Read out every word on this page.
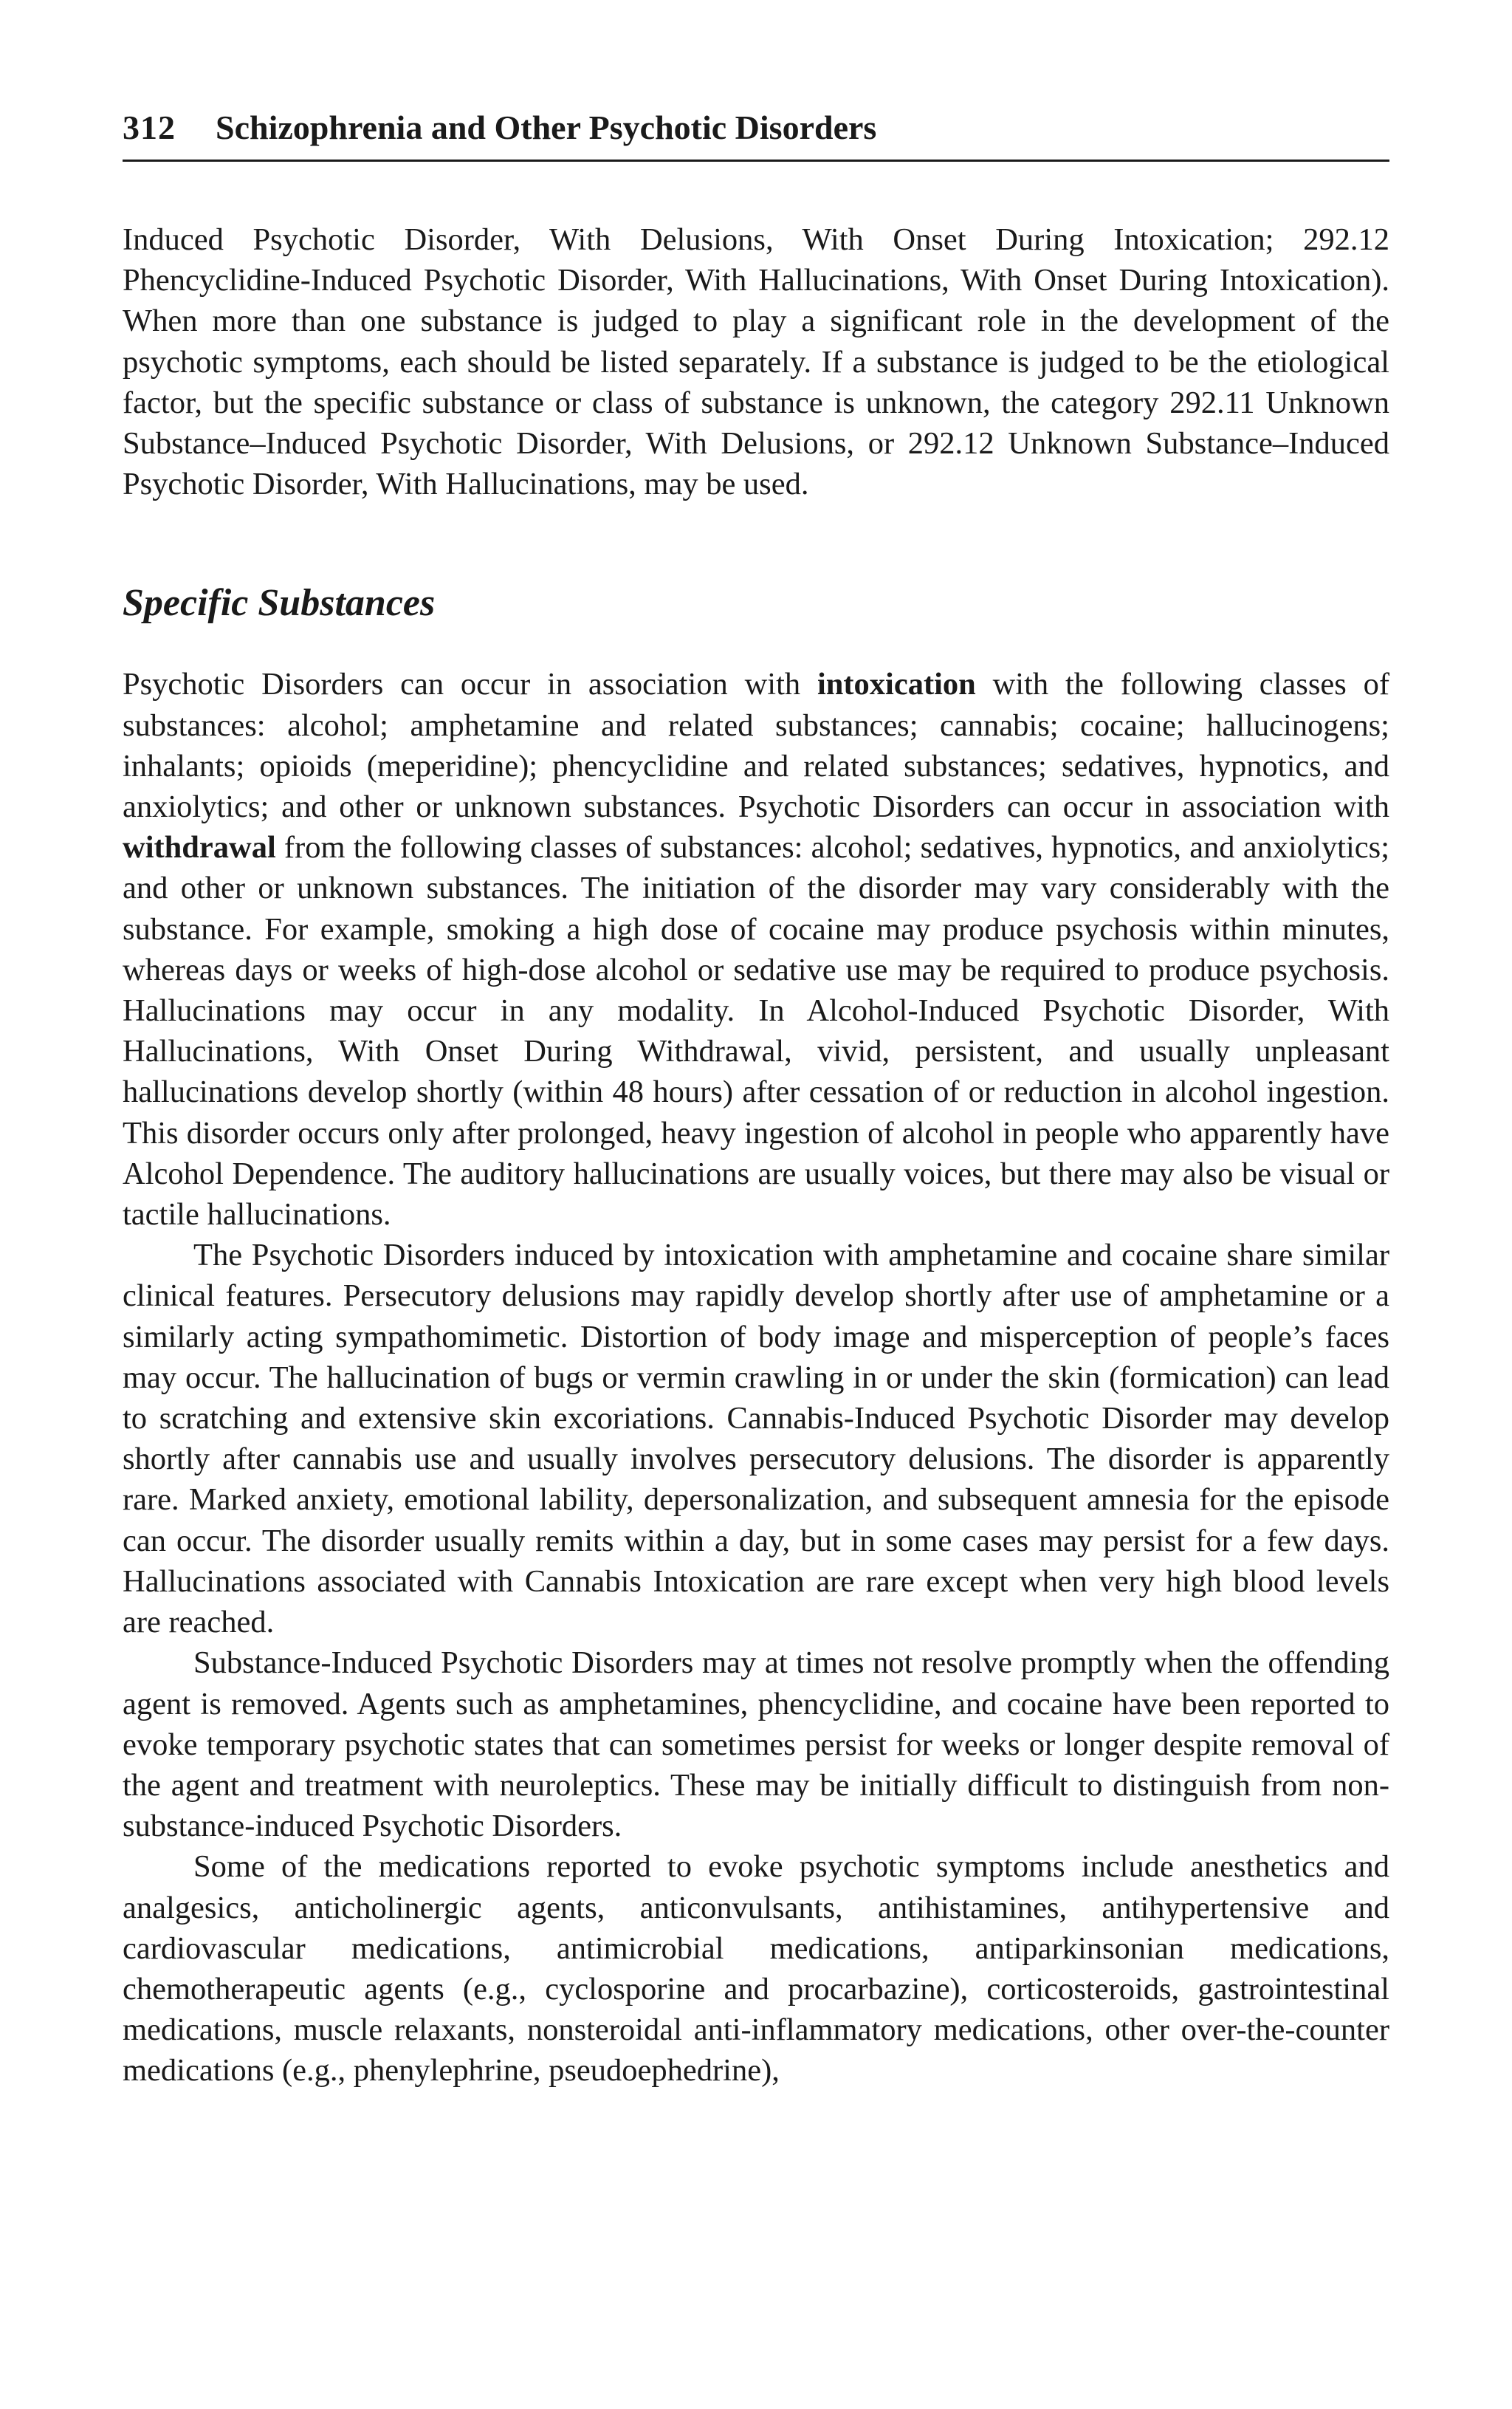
312 Schizophrenia and Other Psychotic Disorders

Induced Psychotic Disorder, With Delusions, With Onset During Intoxication; 292.12 Phencyclidine-Induced Psychotic Disorder, With Hallucinations, With Onset During Intoxication). When more than one substance is judged to play a significant role in the development of the psychotic symptoms, each should be listed separately. If a substance is judged to be the etiological factor, but the specific substance or class of substance is unknown, the category 292.11 Unknown Substance–Induced Psychotic Disorder, With Delusions, or 292.12 Unknown Substance–Induced Psychotic Disorder, With Hallucinations, may be used.

Specific Substances

Psychotic Disorders can occur in association with intoxication with the following classes of substances: alcohol; amphetamine and related substances; cannabis; cocaine; hallucinogens; inhalants; opioids (meperidine); phencyclidine and related substances; sedatives, hypnotics, and anxiolytics; and other or unknown substances. Psychotic Disorders can occur in association with withdrawal from the following classes of substances: alcohol; sedatives, hypnotics, and anxiolytics; and other or unknown substances. The initiation of the disorder may vary considerably with the substance. For example, smoking a high dose of cocaine may produce psychosis within minutes, whereas days or weeks of high-dose alcohol or sedative use may be required to produce psychosis. Hallucinations may occur in any modality. In Alcohol-Induced Psychotic Disorder, With Hallucinations, With Onset During Withdrawal, vivid, persistent, and usually unpleasant hallucinations develop shortly (within 48 hours) after cessation of or reduction in alcohol ingestion. This disorder occurs only after prolonged, heavy ingestion of alcohol in people who apparently have Alcohol Dependence. The auditory hallucinations are usually voices, but there may also be visual or tactile hallucinations.

The Psychotic Disorders induced by intoxication with amphetamine and cocaine share similar clinical features. Persecutory delusions may rapidly develop shortly after use of amphetamine or a similarly acting sympathomimetic. Distortion of body image and misperception of people’s faces may occur. The hallucination of bugs or vermin crawling in or under the skin (formication) can lead to scratching and extensive skin excoriations. Cannabis-Induced Psychotic Disorder may develop shortly after cannabis use and usually involves persecutory delusions. The disorder is apparently rare. Marked anxiety, emotional lability, depersonalization, and subsequent amnesia for the episode can occur. The disorder usually remits within a day, but in some cases may persist for a few days. Hallucinations associated with Cannabis Intoxication are rare except when very high blood levels are reached.

Substance-Induced Psychotic Disorders may at times not resolve promptly when the offending agent is removed. Agents such as amphetamines, phencyclidine, and cocaine have been reported to evoke temporary psychotic states that can sometimes persist for weeks or longer despite removal of the agent and treatment with neuroleptics. These may be initially difficult to distinguish from non-substance-induced Psychotic Disorders.

Some of the medications reported to evoke psychotic symptoms include anesthetics and analgesics, anticholinergic agents, anticonvulsants, antihistamines, antihypertensive and cardiovascular medications, antimicrobial medications, antiparkinsonian medications, chemotherapeutic agents (e.g., cyclosporine and procarbazine), corticosteroids, gastrointestinal medications, muscle relaxants, nonsteroidal anti-inflammatory medications, other over-the-counter medications (e.g., phenylephrine, pseudoephedrine),
